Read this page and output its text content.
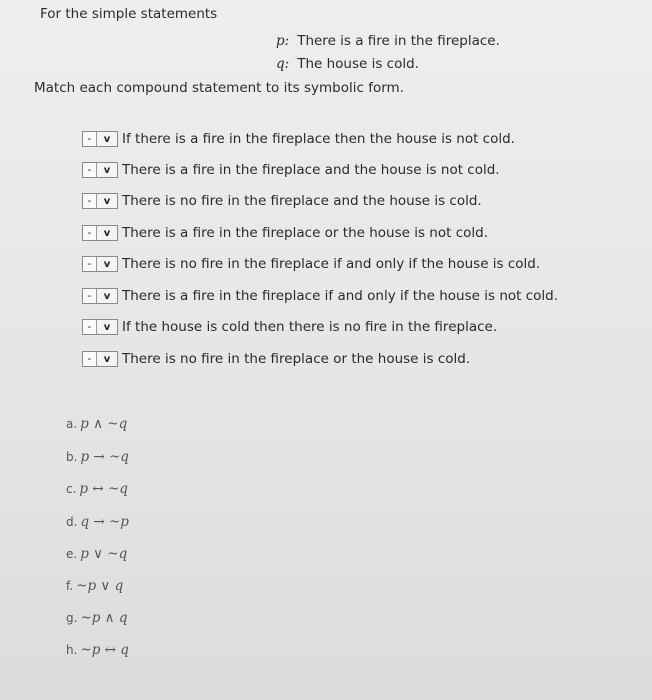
For the simple statements
p: There is a fire in the fireplace.
q: The house is cold.
Match each compound statement to its symbolic form.
-	v If there is a fire in the fireplace then the house is not cold.
-	v There is a fire in the fireplace and the house is not cold.
-	v There is no fire in the fireplace and the house is cold.
-	v There is a fire in the fireplace or the house is not cold.
-	v There is no fire in the fireplace if and only if the house is cold.
-	v There is a fire in the fireplace if and only if the house is not cold.
-	v If the house is cold then there is no fire in the fireplace.
-	v There is no fire in the fireplace or the house is cold.
a. p ∧ ~q
b. p → ~q
c. p ↔ ~q
d. q → ~p
e. p ∨ ~q
f. ~p ∨ q
g. ~p ∧ q
h. ~p ↔ q
